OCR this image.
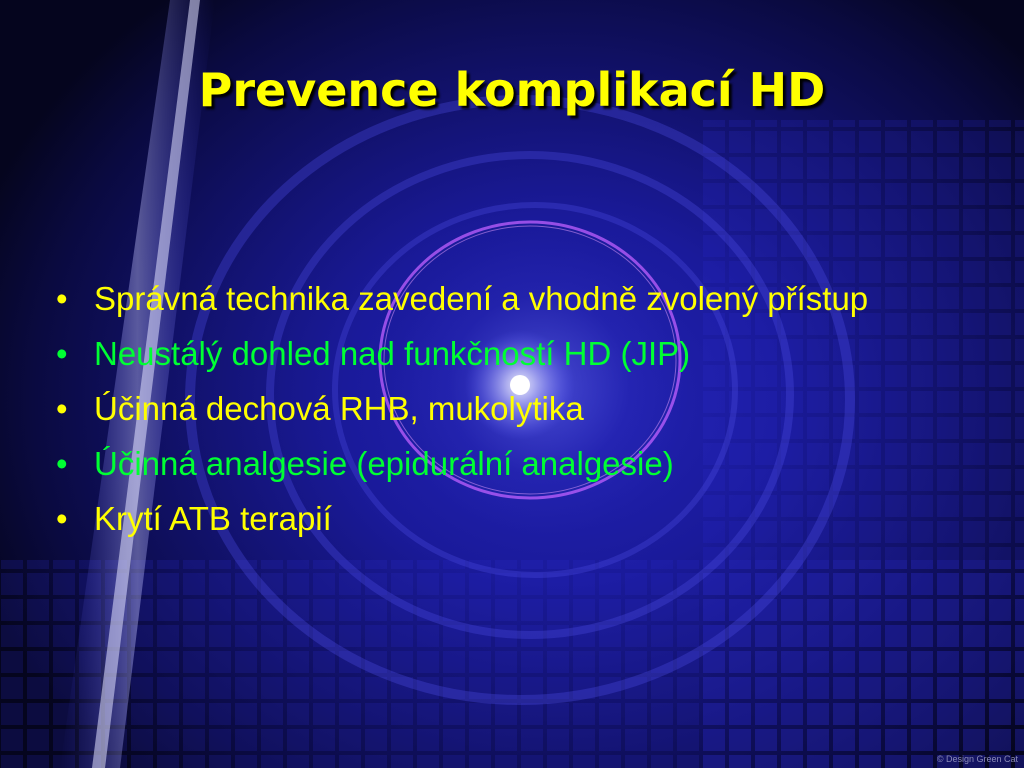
Prevence komplikací HD
• Správná technika zavedení a vhodně zvolený přístup
• Neustálý dohled nad funkčností HD (JIP)
• Účinná dechová RHB, mukolytika
• Účinná analgesie (epidurální analgesie)
• Krytí ATB terapií
© Design Green Cat
